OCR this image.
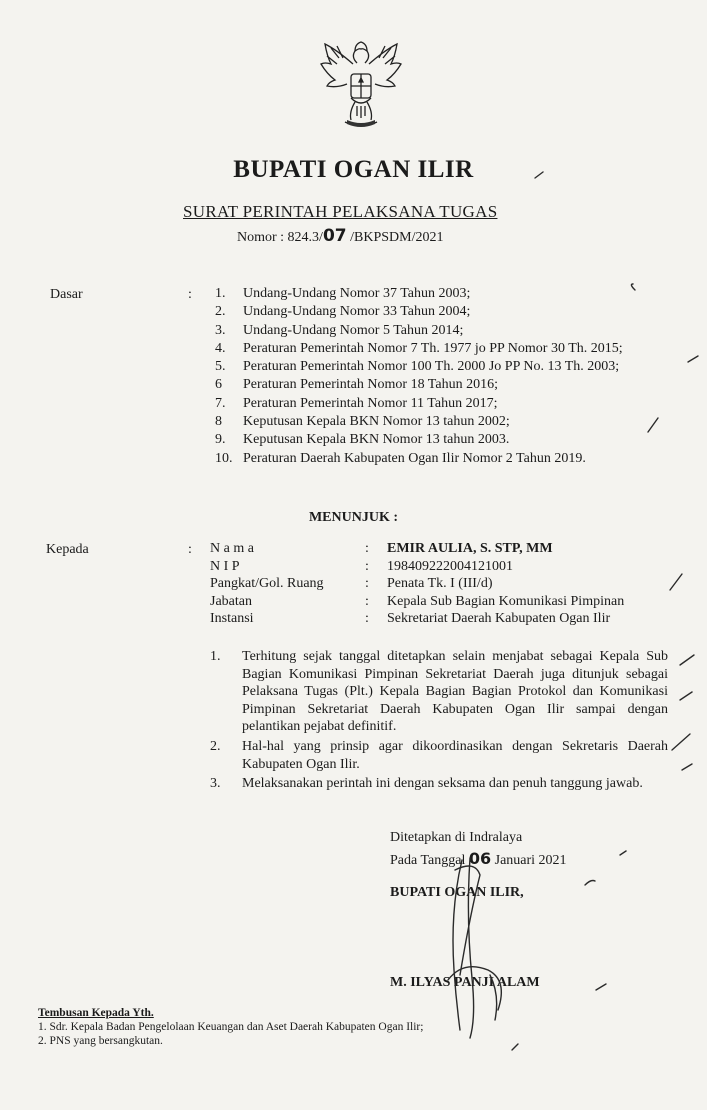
BUPATI OGAN ILIR
SURAT PERINTAH PELAKSANA TUGAS
Nomor : 824.3/07 /BKPSDM/2021
Dasar	: 1. Undang-Undang Nomor 37 Tahun 2003;
2. Undang-Undang Nomor 33 Tahun 2004;
3. Undang-Undang Nomor 5 Tahun 2014;
4. Peraturan Pemerintah Nomor 7 Th. 1977 jo PP Nomor 30 Th. 2015;
5. Peraturan Pemerintah Nomor 100 Th. 2000 Jo PP No. 13 Th. 2003;
6 Peraturan Pemerintah Nomor 18 Tahun 2016;
7. Peraturan Pemerintah Nomor 11 Tahun 2017;
8 Keputusan Kepala BKN Nomor 13 tahun 2002;
9. Keputusan Kepala BKN Nomor 13 tahun 2003.
10. Peraturan Daerah Kabupaten Ogan Ilir Nomor 2 Tahun 2019.
MENUNJUK :
Kepada	: N a m a	: EMIR AULIA, S. STP, MM
N I P	: 198409222004121001
Pangkat/Gol. Ruang	: Penata Tk. I (III/d)
Jabatan	: Kepala Sub Bagian Komunikasi Pimpinan
Instansi	: Sekretariat Daerah Kabupaten Ogan Ilir
1. Terhitung sejak tanggal ditetapkan selain menjabat sebagai Kepala Sub Bagian Komunikasi Pimpinan Sekretariat Daerah juga ditunjuk sebagai Pelaksana Tugas (Plt.) Kepala Bagian Bagian Protokol dan Komunikasi Pimpinan Sekretariat Daerah Kabupaten Ogan Ilir sampai dengan pelantikan pejabat definitif.
2. Hal-hal yang prinsip agar dikoordinasikan dengan Sekretaris Daerah Kabupaten Ogan Ilir.
3. Melaksanakan perintah ini dengan seksama dan penuh tanggung jawab.
Ditetapkan di Indralaya
Pada Tanggal 06 Januari 2021
BUPATI OGAN ILIR,
M. ILYAS PANJI ALAM
Tembusan Kepada Yth.
1. Sdr. Kepala Badan Pengelolaan Keuangan dan Aset Daerah Kabupaten Ogan Ilir;
2. PNS yang bersangkutan.
